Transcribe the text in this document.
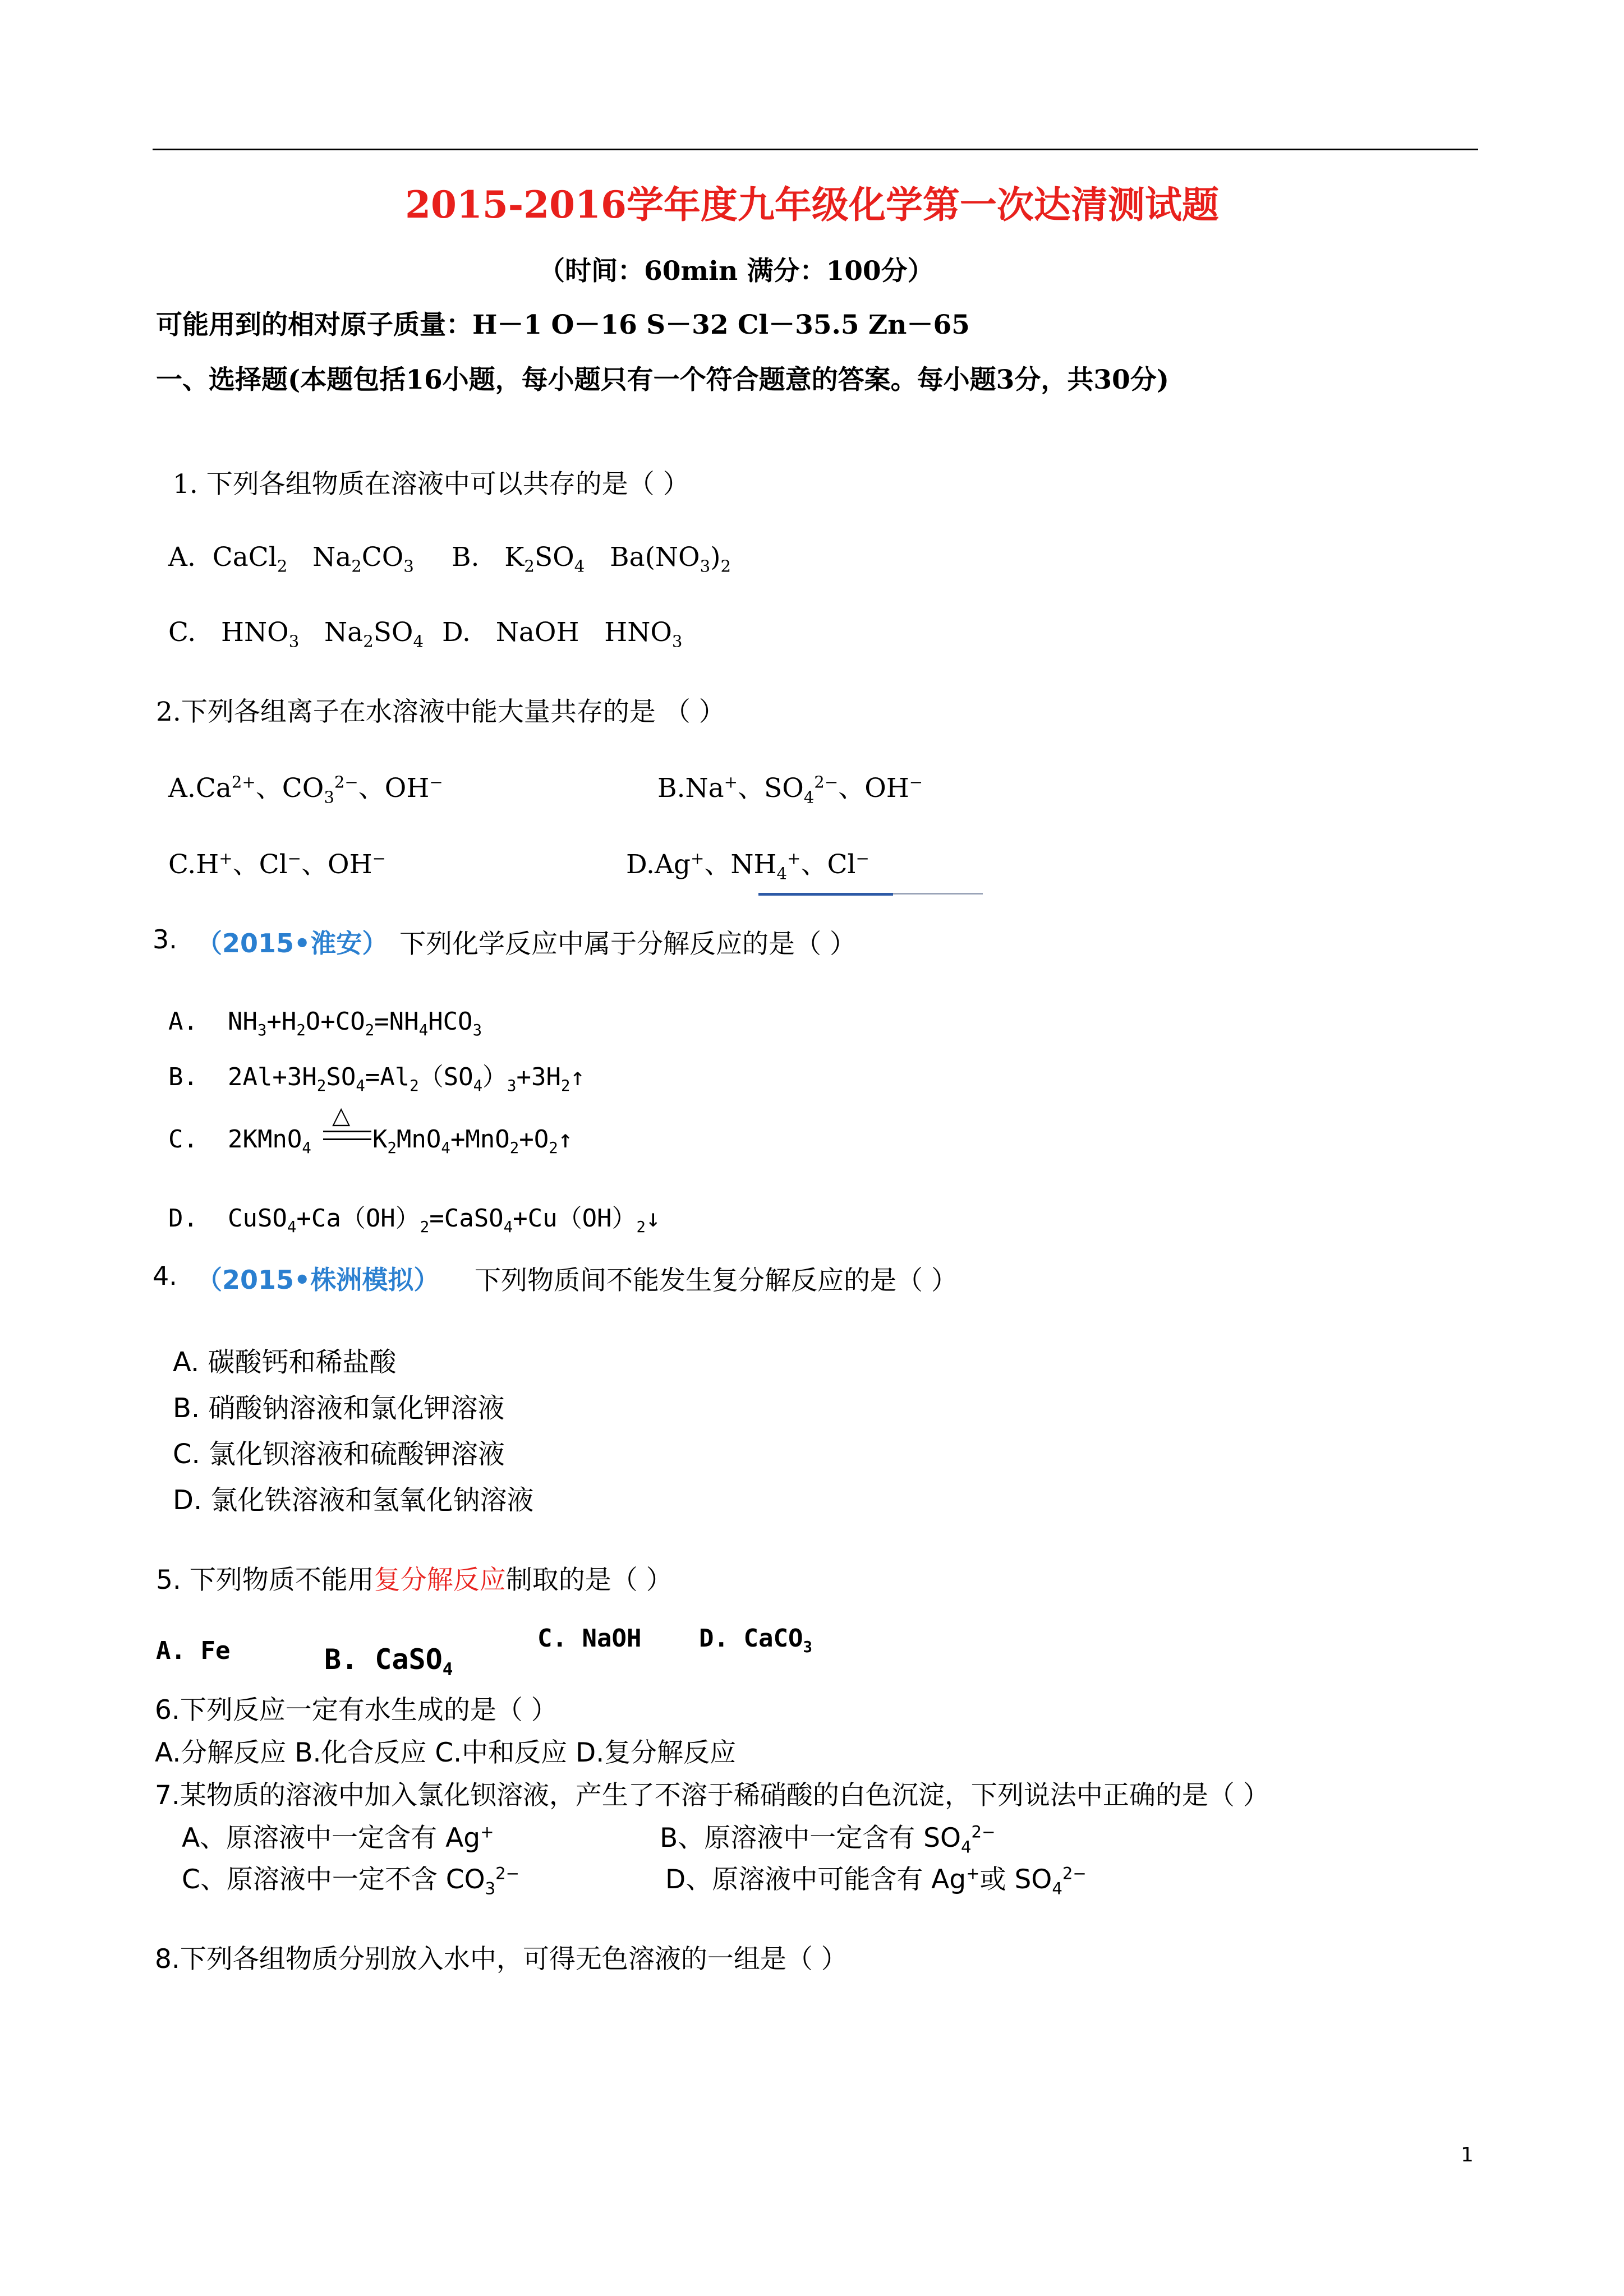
2015-2016学年度九年级化学第一次达清测试题
（时间：60min 满分：100分）
可能用到的相对原子质量：H－1 O－16 S－32 Cl－35.5 Zn－65
一、选择题(本题包括16小题，每小题只有一个符合题意的答案。每小题3分，共30分)
1. 下列各组物质在溶液中可以共存的是（ ）
A.  CaCl$_2$   $Na_2CO_3$ B.   $K_2SO_4$   $Ba(NO_3)_2$
C.   $HNO_3$   $Na_2SO_4$ D.   NaOH   $HNO_3$
2.下列各组离子在水溶液中能大量共存的是 （ ）
$A.Ca^{2+}$、$CO_3^{2-}$、OH−	B.Na+、$SO_4^{2-}$、OH−
C.H+、Cl−、OH−	D.Ag+、$NH_4^+$、Cl−
3. （2015•淮安） 下列化学反应中属于分解反应的是（ ）
A.  $NH_3+H_2O+CO_2=NH_4HCO_3$
B.  $2Al+3H_2SO_4=Al_2(SO_4)_3+3H_2↑$
C.  2KMnO$_4$
△
$K_2MnO_4+MnO_2+O_2↑$
D.  $CuSO_4+Ca(OH)_2=CaSO_4+Cu(OH)_2↓$
4. （2015•株洲模拟） 下列物质间不能发生复分解反应的是（ ）
A. 碳酸钙和稀盐酸
B. 硝酸钠溶液和氯化钾溶液
C. 氯化钡溶液和硫酸钾溶液
D. 氯化铁溶液和氢氧化钠溶液
5. 下列物质不能用复分解反应制取的是（ ）
A. Fe	B. CaSO$_4$
C. NaOH D. CaCO$_3$
6.下列反应一定有水生成的是（ ）
A.分解反应 B.化合反应 C.中和反应 D.复分解反应
7.某物质的溶液中加入氯化钡溶液，产生了不溶于稀硝酸的白色沉淀，下列说法中正确的是（ ）
A、原溶液中一定含有 Ag+	B、原溶液中一定含有 $SO_4^{2-}$
C、原溶液中一定不含 $CO_3^{2-}$	D、原溶液中可能含有 Ag+或 $SO_4^{2-}$
8.下列各组物质分别放入水中，可得无色溶液的一组是（ ）
1
